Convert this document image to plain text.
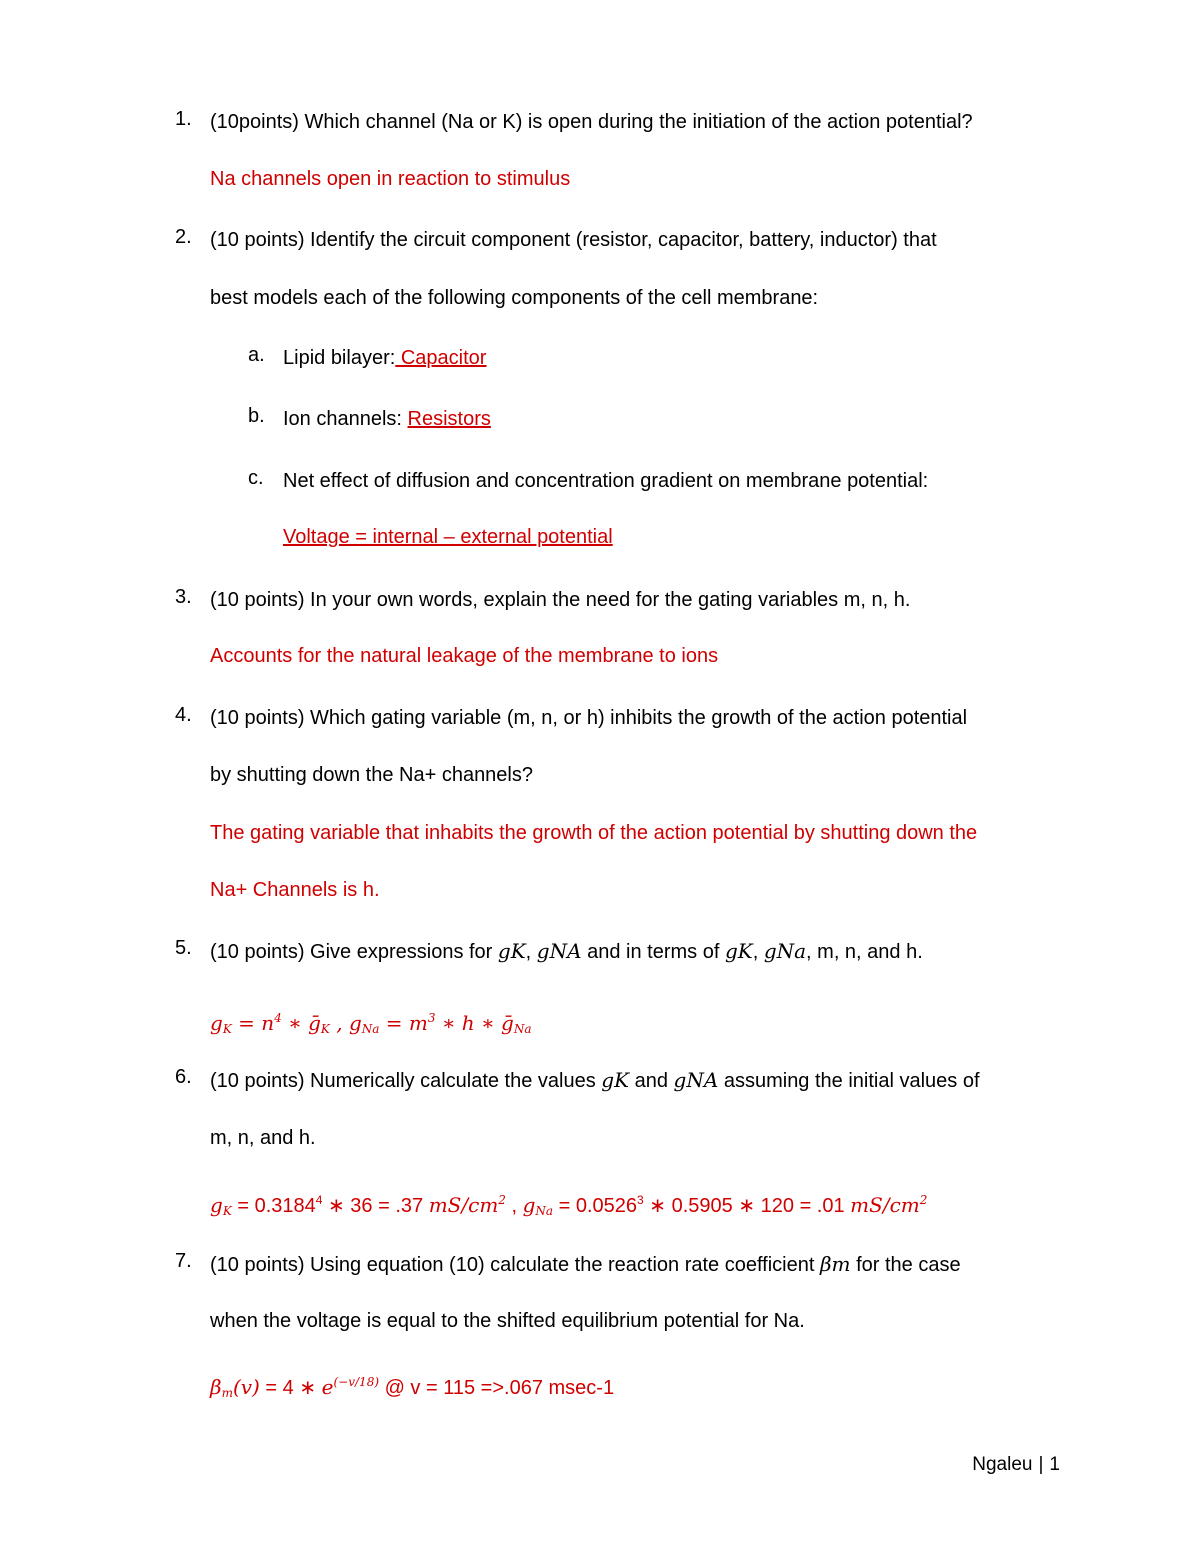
1. (10points) Which channel (Na or K) is open during the initiation of the action potential?
Na channels open in reaction to stimulus
2. (10 points) Identify the circuit component (resistor, capacitor, battery, inductor) that
best models each of the following components of the cell membrane:
a. Lipid bilayer: Capacitor
b. Ion channels: Resistors
c. Net effect of diffusion and concentration gradient on membrane potential:
Voltage = internal – external potential
3. (10 points) In your own words, explain the need for the gating variables m, n, h.
Accounts for the natural leakage of the membrane to ions
4. (10 points) Which gating variable (m, n, or h) inhibits the growth of the action potential
by shutting down the Na+ channels?
The gating variable that inhabits the growth of the action potential by shutting down the
Na+ Channels is h.
5. (10 points) Give expressions for gK, gNA and in terms of gK, gNa, m, n, and h.
$g_K = n^4$ ∗ ḡ$_K$ , $g_{Na} = m^3$ ∗ h ∗ ḡ$_{Na}$
6. (10 points) Numerically calculate the values gK and gNA assuming the initial values of
m, n, and h.
$g_K = 0.3184^4$ ∗ 36 = .37 $mS/cm^2$ , $g_{Na} = 0.0526^3$ ∗ 0.5905 ∗ 120 = .01 $mS/cm^2$
7. (10 points) Using equation (10) calculate the reaction rate coefficient βm for the case
when the voltage is equal to the shifted equilibrium potential for Na.
$\beta_m(v) = 4$ ∗ $e^{(-v/18)}$ @ v = 115 =>.067 msec-1
Ngaleu | 1
